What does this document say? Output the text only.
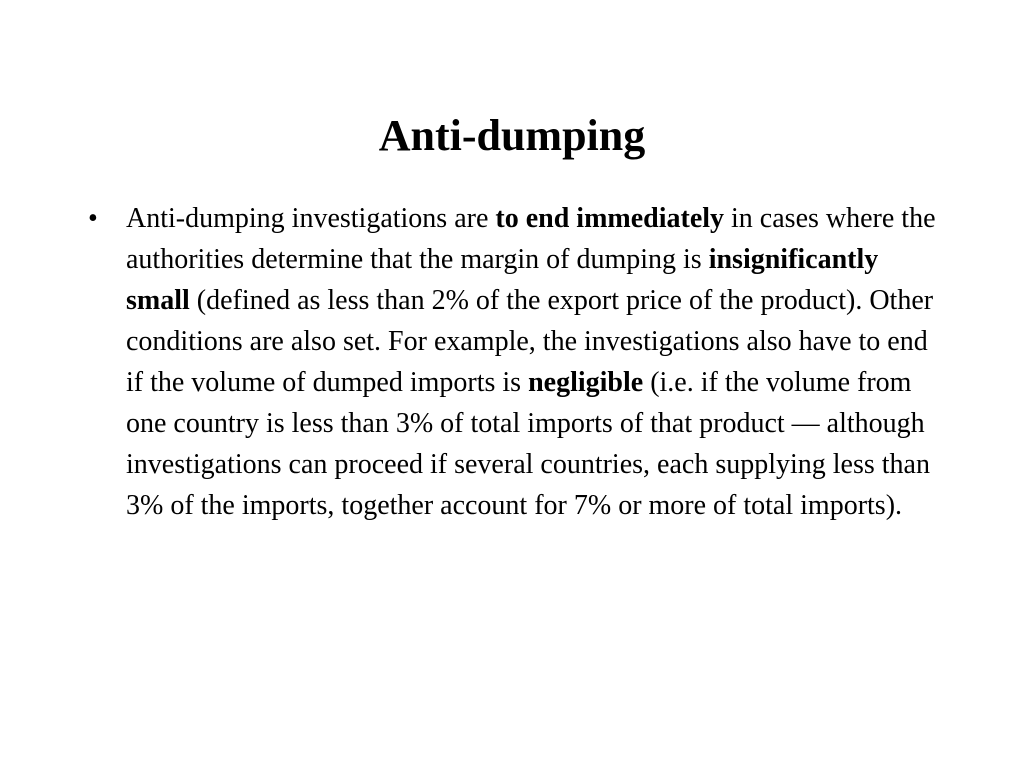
Anti-dumping
•	Anti-dumping investigations are to end immediately in cases where the authorities determine that the margin of dumping is insignificantly small (defined as less than 2% of the export price of the product). Other conditions are also set. For example, the investigations also have to end if the volume of dumped imports is negligible (i.e. if the volume from one country is less than 3% of total imports of that product — although investigations can proceed if several countries, each supplying less than 3% of the imports, together account for 7% or more of total imports).
